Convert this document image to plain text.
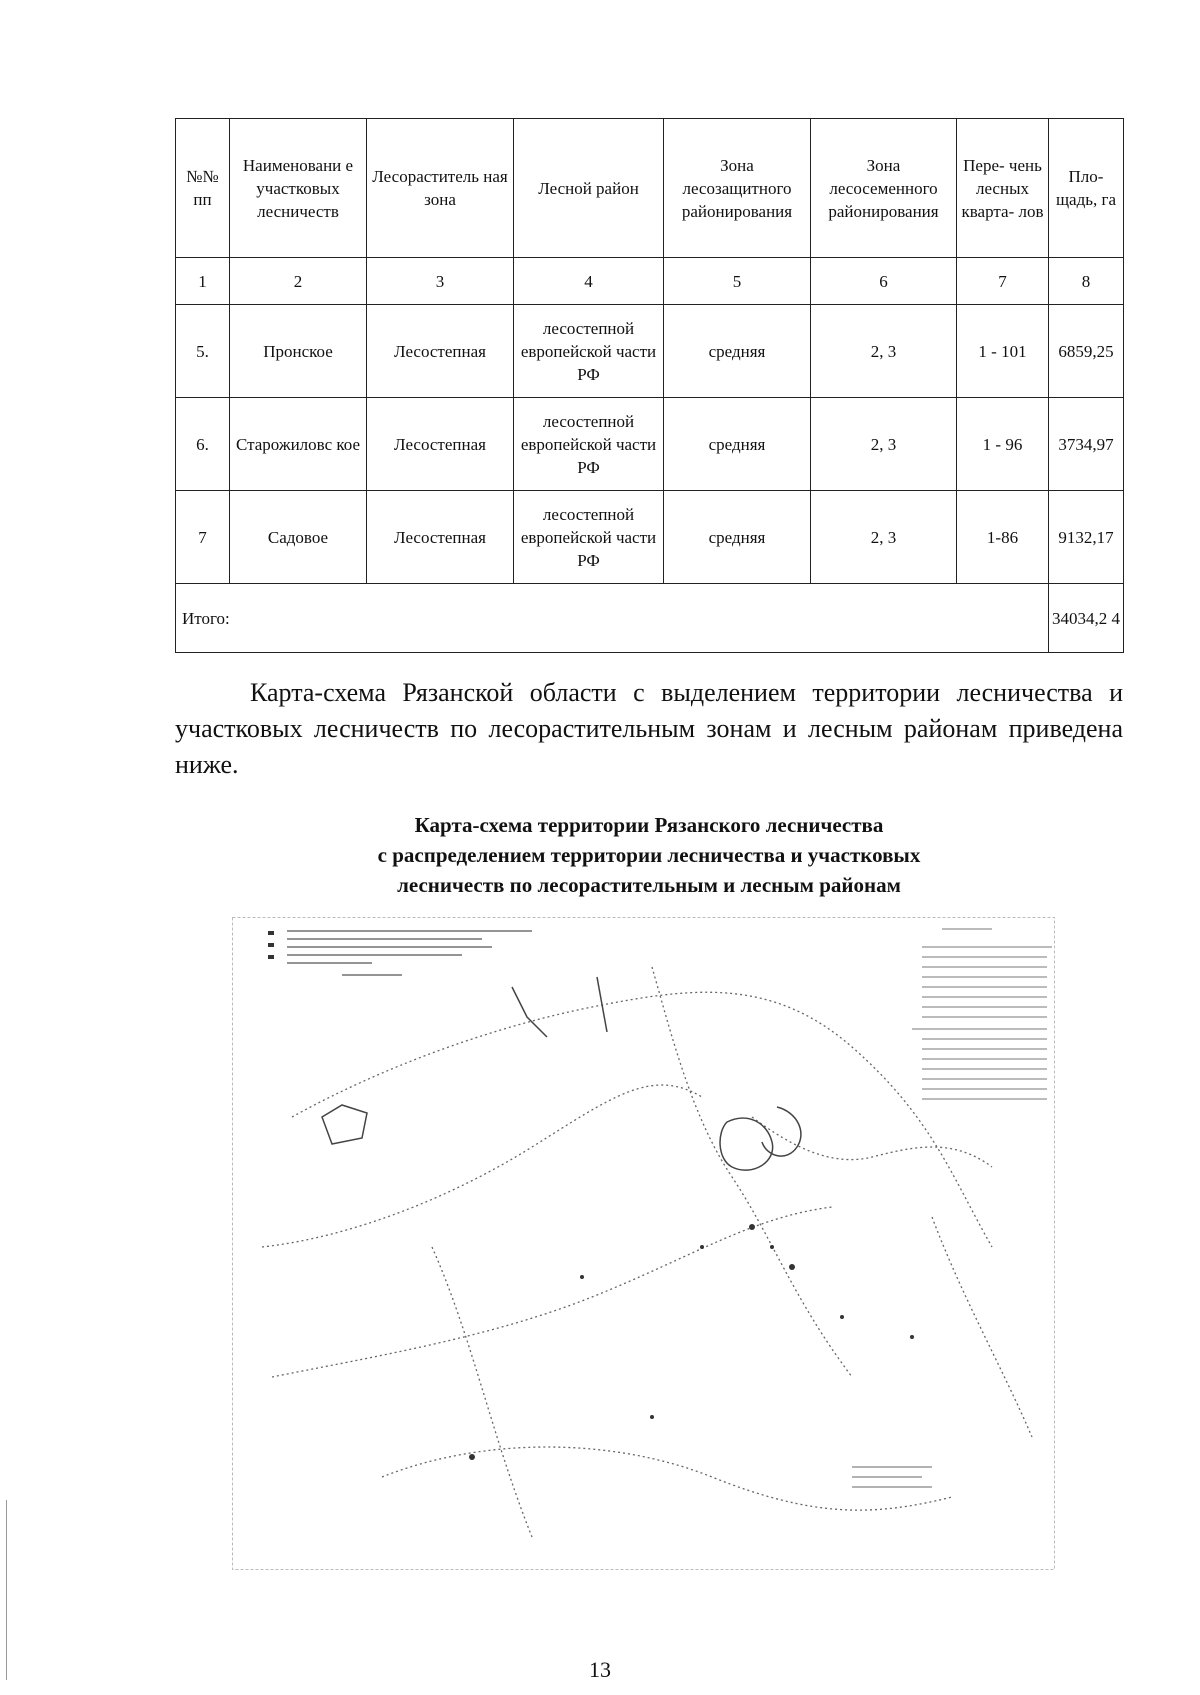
№№ пп	Наименовани е участковых лесничеств	Лесораститель ная зона	Лесной район	Зона лесозащитного районирования	Зона лесосеменного районирования	Пере- чень лесных кварта- лов	Пло- щадь, га
1	2	3	4	5	6	7	8
5.	Пронское	Лесостепная	лесостепной европейской части РФ	средняя	2, 3	1 - 101	6859,25
6.	Старожиловс кое	Лесостепная	лесостепной европейской части РФ	средняя	2, 3	1 - 96	3734,97
7	Садовое	Лесостепная	лесостепной европейской части РФ	средняя	2, 3	1-86	9132,17
Итого:							34034,2 4

Карта-схема Рязанской области с выделением территории лесничества и участковых лесничеств по лесорастительным зонам и лесным районам приведена ниже.

Карта-схема территории Рязанского лесничества
с распределением территории лесничества и участковых
лесничеств по лесорастительным и лесным районам
13
